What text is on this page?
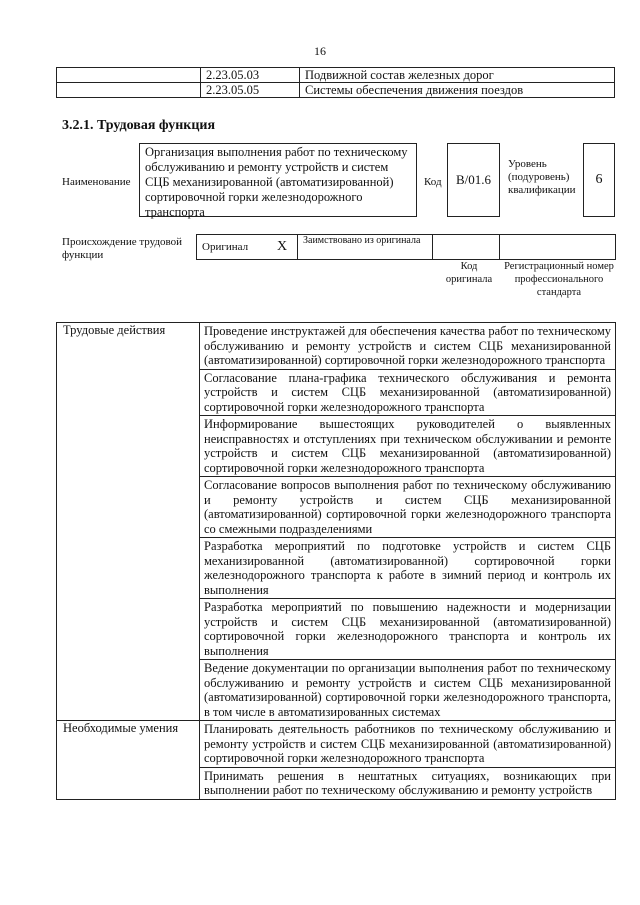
16
	2.23.05.03	Подвижной состав железных дорог
	2.23.05.05	Системы обеспечения движения поездов
3.2.1. Трудовая функция
Наименование
Организация выполнения работ по техническому обслуживанию и ремонту устройств и систем СЦБ механизированной (автоматизированной) сортировочной горки железнодорожного транспорта
Код	B/01.6
Уровень (подуровень) квалификации
6
Происхождение трудовой функции
Оригинал	X	Заимствовано из оригинала		
Код оригинала
Регистрационный номер профессионального стандарта
Трудовые действия	Проведение инструктажей для обеспечения качества работ по техническому обслуживанию и ремонту устройств и систем СЦБ механизированной (автоматизированной) сортировочной горки железнодорожного транспорта
	Согласование плана-графика технического обслуживания и ремонта устройств и систем СЦБ механизированной (автоматизированной) сортировочной горки железнодорожного транспорта
	Информирование вышестоящих руководителей о выявленных неисправностях и отступлениях при техническом обслуживании и ремонте устройств и систем СЦБ механизированной (автоматизированной) сортировочной горки железнодорожного транспорта
	Согласование вопросов выполнения работ по техническому обслуживанию и ремонту устройств и систем СЦБ механизированной (автоматизированной) сортировочной горки железнодорожного транспорта со смежными подразделениями
	Разработка мероприятий по подготовке устройств и систем СЦБ механизированной (автоматизированной) сортировочной горки железнодорожного транспорта к работе в зимний период и контроль их выполнения
	Разработка мероприятий по повышению надежности и модернизации устройств и систем СЦБ механизированной (автоматизированной) сортировочной горки железнодорожного транспорта и контроль их выполнения
	Ведение документации по организации выполнения работ по техническому обслуживанию и ремонту устройств и систем СЦБ механизированной (автоматизированной) сортировочной горки железнодорожного транспорта, в том числе в автоматизированных системах
Необходимые умения	Планировать деятельность работников по техническому обслуживанию и ремонту устройств и систем СЦБ механизированной (автоматизированной) сортировочной горки железнодорожного транспорта
	Принимать решения в нештатных ситуациях, возникающих при выполнении работ по техническому обслуживанию и ремонту устройств
